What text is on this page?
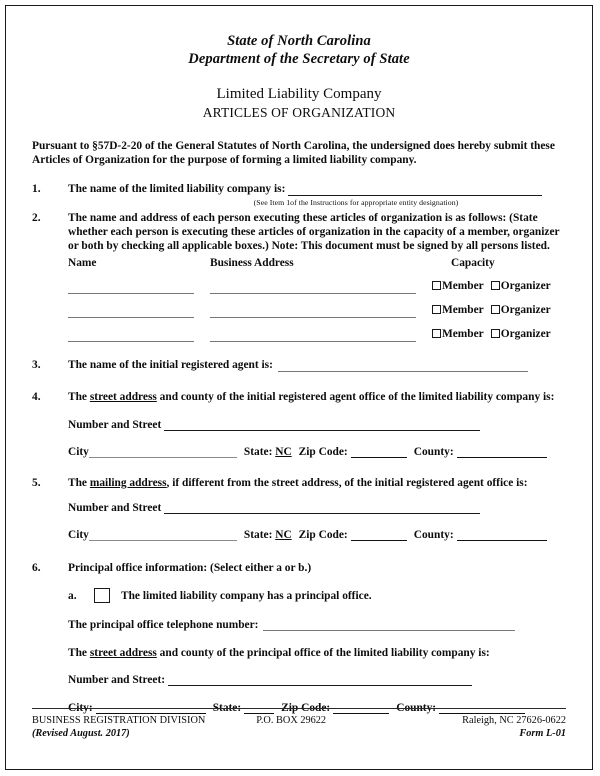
State of North Carolina
Department of the Secretary of State
Limited Liability Company
ARTICLES OF ORGANIZATION
Pursuant to §57D-2-20 of the General Statutes of North Carolina, the undersigned does hereby submit these Articles of Organization for the purpose of forming a limited liability company.
1.	The name of the limited liability company is:
(See Item 1of the Instructions for appropriate entity designation)
2.	The name and address of each person executing these articles of organization is as follows: (State whether each person is executing these articles of organization in the capacity of a member, organizer or both by checking all applicable boxes.) Note: This document must be signed by all persons listed.

Name	Business Address	Capacity
Member Organizer
Member Organizer
Member Organizer
3.	The name of the initial registered agent is:
4.	The street address and county of the initial registered agent office of the limited liability company is:
Number and Street
City	State: NC Zip Code:	County:
5.	The mailing address, if different from the street address, of the initial registered agent office is:
Number and Street
City	State: NC Zip Code:	County:
6.	Principal office information: (Select either a or b.)
a.	The limited liability company has a principal office.
The principal office telephone number:
The street address and county of the principal office of the limited liability company is:
Number and Street:
City:	State:	Zip Code:	County:
BUSINESS REGISTRATION DIVISION	P.O. BOX 29622	Raleigh, NC 27626-0622
(Revised August. 2017)	Form L-01
